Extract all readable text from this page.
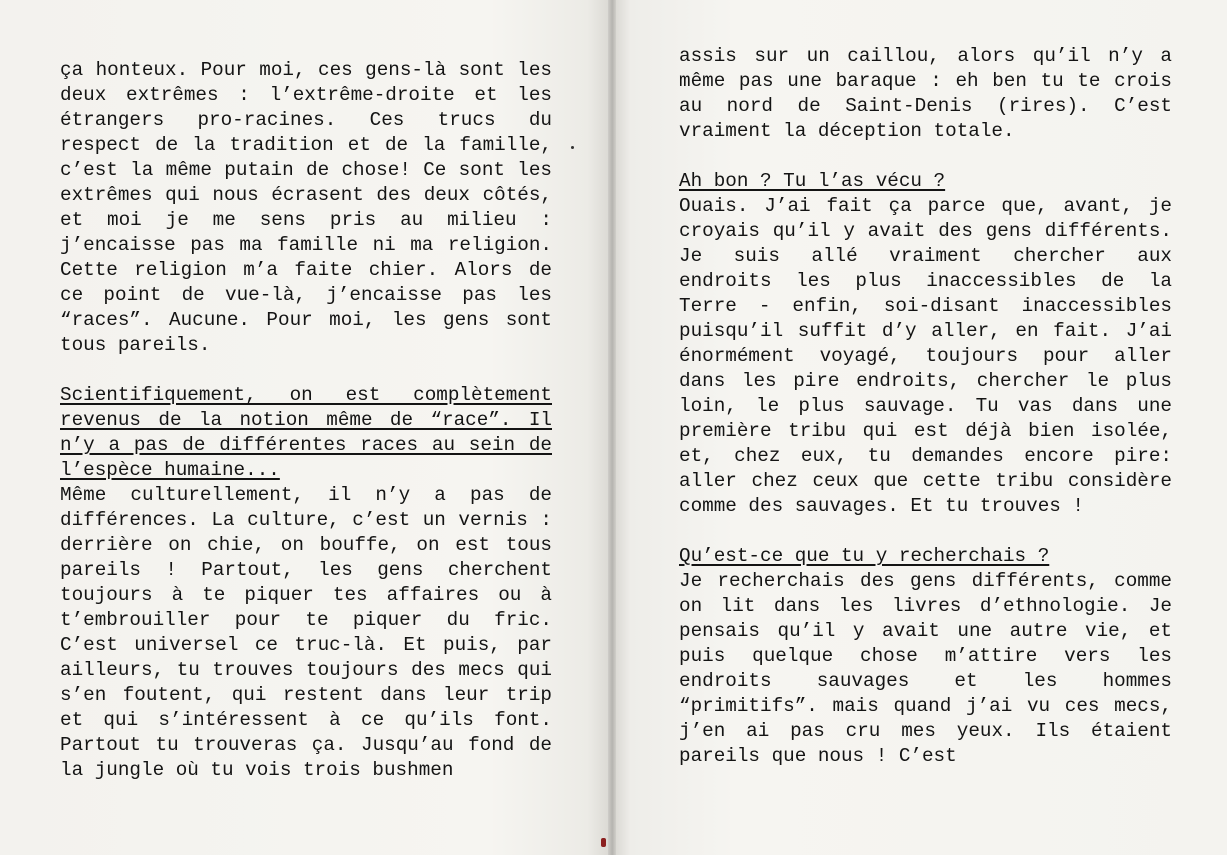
ça honteux. Pour moi, ces gens-là sont les deux extrêmes : l’extrême-droite et les étrangers pro-racines. Ces trucs du respect de la tradition et de la famille, c’est la même putain de chose! Ce sont les extrêmes qui nous écrasent des deux côtés, et moi je me sens pris au milieu : j’encaisse pas ma famille ni ma religion. Cette religion m’a faite chier. Alors de ce point de vue-là, j’encaisse pas les “races”. Aucune. Pour moi, les gens sont tous pareils.
Scientifiquement, on est complètement revenus de la notion même de “race”. Il n’y a pas de différentes races au sein de l’espèce humaine...
Même culturellement, il n’y a pas de différences. La culture, c’est un vernis : derrière on chie, on bouffe, on est tous pareils ! Partout, les gens cherchent toujours à te piquer tes affaires ou à t’embrouiller pour te piquer du fric. C’est universel ce truc-là. Et puis, par ailleurs, tu trouves toujours des mecs qui s’en foutent, qui restent dans leur trip et qui s’intéressent à ce qu’ils font. Partout tu trouveras ça. Jusqu’au fond de la jungle où tu vois trois bushmen

assis sur un caillou, alors qu’il n’y a même pas une baraque : eh ben tu te crois au nord de Saint-Denis (rires). C’est vraiment la déception totale.
Ah bon ? Tu l’as vécu ?
Ouais. J’ai fait ça parce que, avant, je croyais qu’il y avait des gens différents. Je suis allé vraiment chercher aux endroits les plus inaccessibles de la Terre - enfin, soi-disant inaccessibles puisqu’il suffit d’y aller, en fait. J’ai énormément voyagé, toujours pour aller dans les pire endroits, chercher le plus loin, le plus sauvage. Tu vas dans une première tribu qui est déjà bien isolée, et, chez eux, tu demandes encore pire: aller chez ceux que cette tribu considère comme des sauvages. Et tu trouves !
Qu’est-ce que tu y recherchais ?
Je recherchais des gens différents, comme on lit dans les livres d’ethnologie. Je pensais qu’il y avait une autre vie, et puis quelque chose m’attire vers les endroits sauvages et les hommes “primitifs”. mais quand j’ai vu ces mecs, j’en ai pas cru mes yeux. Ils étaient pareils que nous ! C’est
